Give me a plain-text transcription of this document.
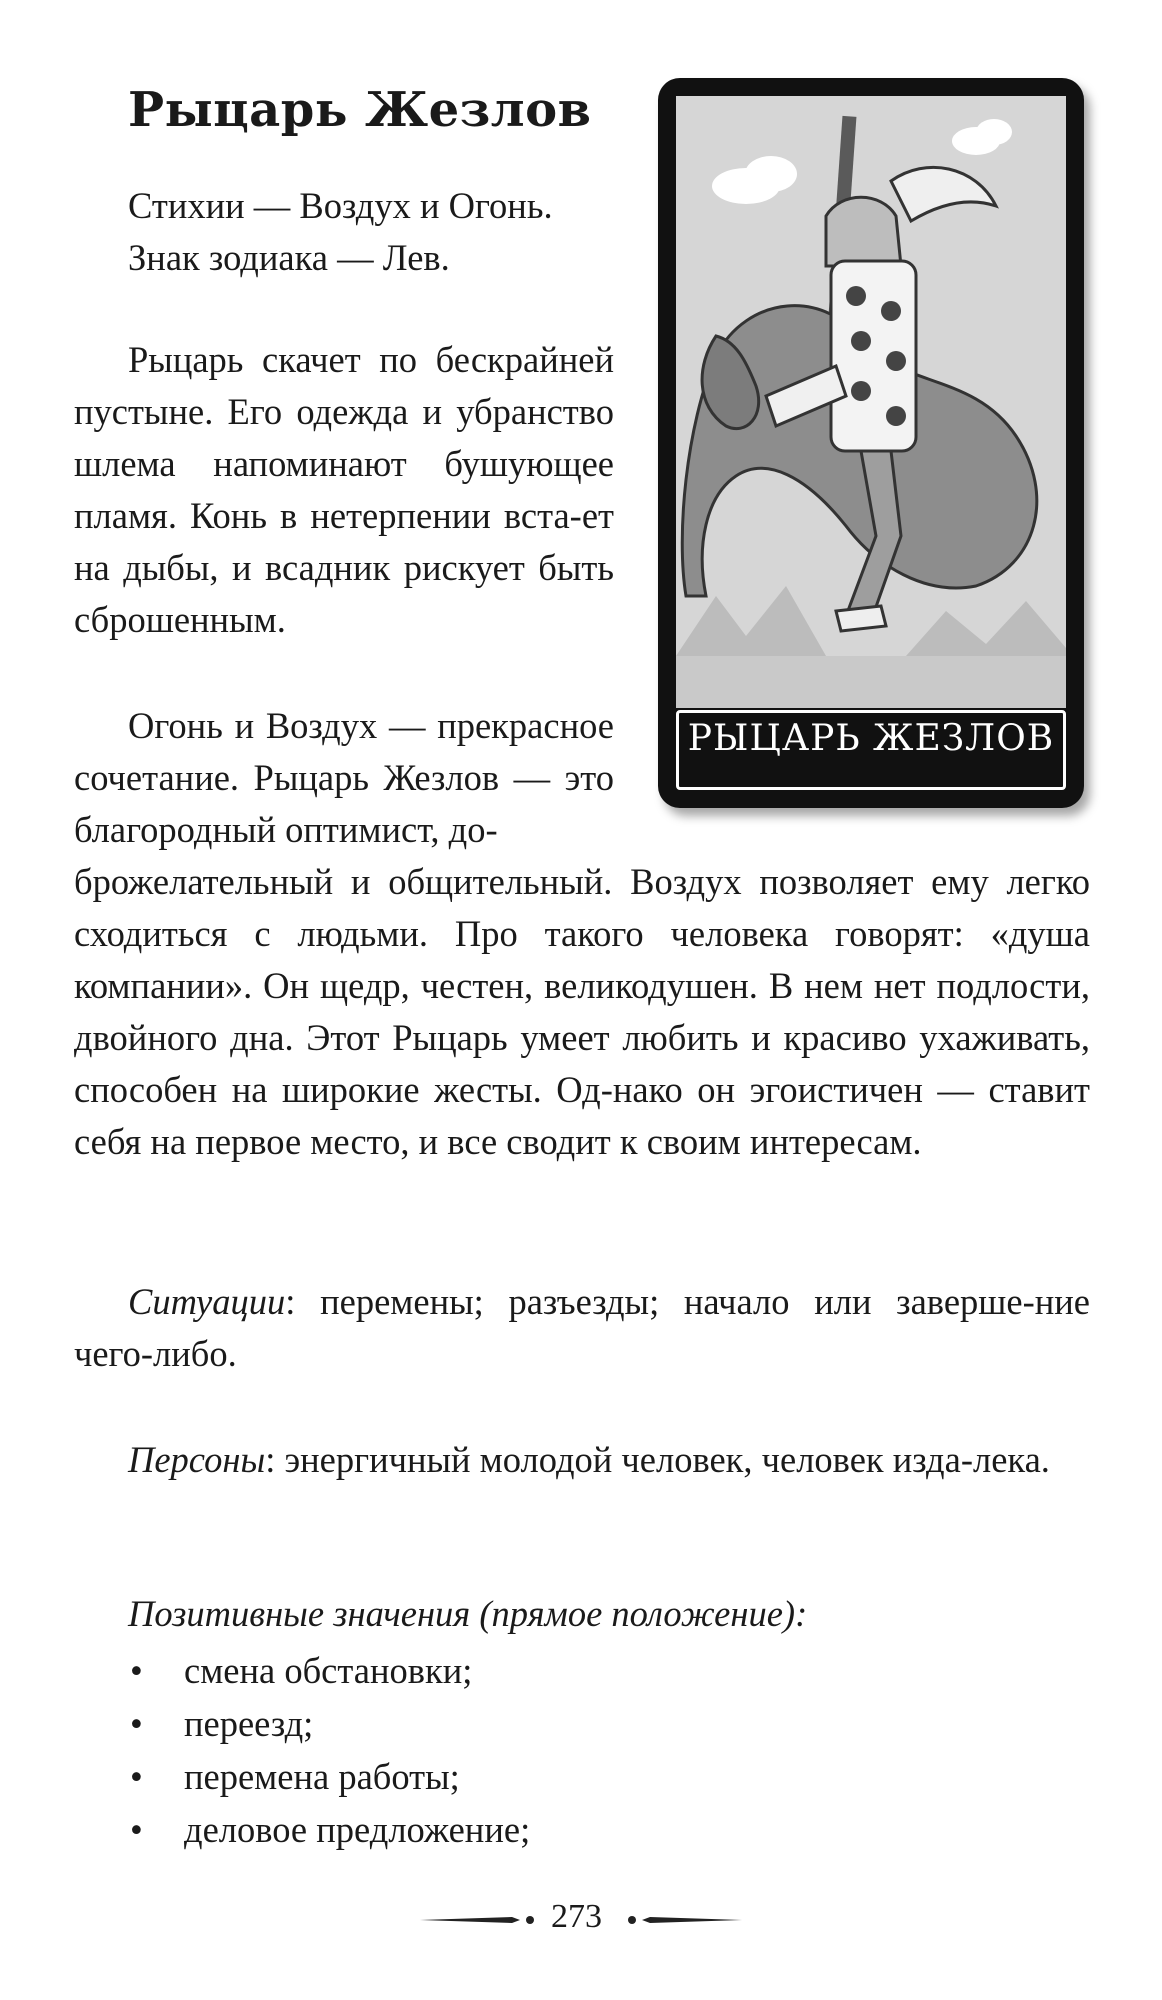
Рыцарь Жезлов

Стихии — Воздух и Огонь.

Знак зодиака — Лев.

Рыцарь скачет по бескрайней пустыне. Его одежда и убранство шлема напоминают бушующее пламя. Конь в нетерпении вста-ет на дыбы, и всадник рискует быть сброшенным.

Огонь и Воздух — прекрасное сочетание. Рыцарь Жезлов — это благородный оптимист, до-

брожелательный и общительный. Воздух позволяет ему легко сходиться с людьми. Про такого человека говорят: «душа компании». Он щедр, честен, великодушен. В нем нет подлости, двойного дна. Этот Рыцарь умеет любить и красиво ухаживать, способен на широкие жесты. Од-нако он эгоистичен — ставит себя на первое место, и все сводит к своим интересам.

Ситуации: перемены; разъезды; начало или заверше-ние чего-либо.

Персоны: энергичный молодой человек, человек изда-лека.

Позитивные значения (прямое положение):
• смена обстановки;
• переезд;
• перемена работы;
• деловое предложение;
РЫЦАРЬ ЖЕЗЛОВ
273
